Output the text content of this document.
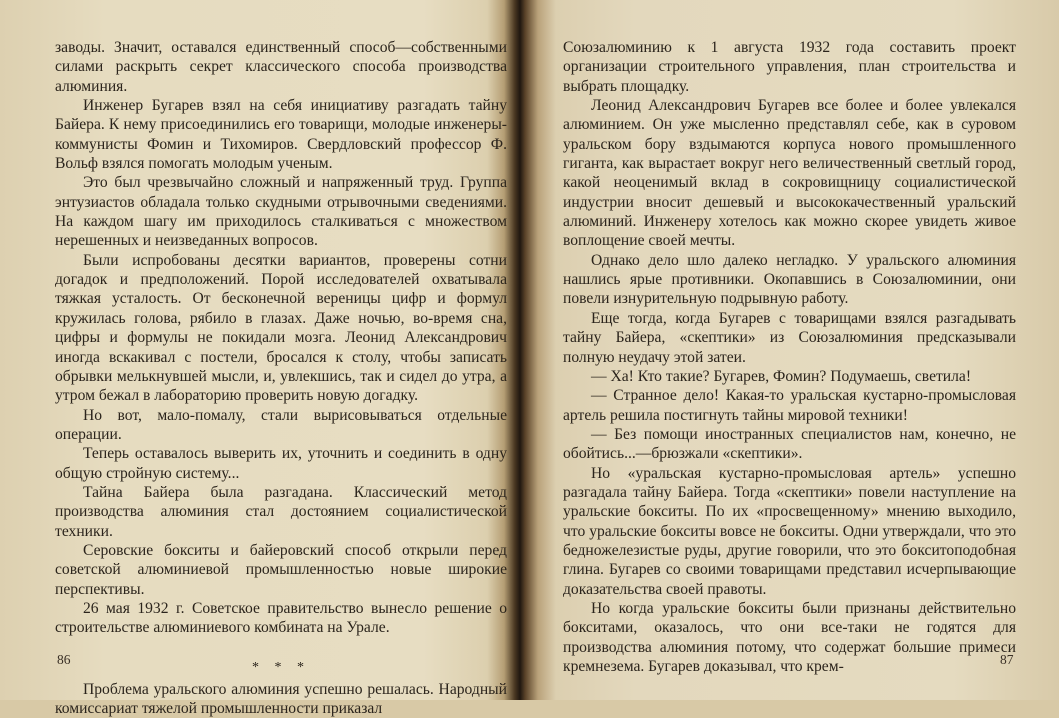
заводы. Значит, оставался единственный способ—собственными силами раскрыть секрет классического способа производства алюминия.

Инженер Бугарев взял на себя инициативу разгадать тайну Байера. К нему присоединились его товарищи, молодые инженеры-коммунисты Фомин и Тихомиров. Свердловский профессор Ф. Вольф взялся помогать молодым ученым.

Это был чрезвычайно сложный и напряженный труд. Группа энтузиастов обладала только скудными отрывочными сведениями. На каждом шагу им приходилось сталкиваться с множеством нерешенных и неизведанных вопросов.

Были испробованы десятки вариантов, проверены сотни догадок и предположений. Порой исследователей охватывала тяжкая усталость. От бесконечной вереницы цифр и формул кружилась голова, рябило в глазах. Даже ночью, во-время сна, цифры и формулы не покидали мозга. Леонид Александрович иногда вскакивал с постели, бросался к столу, чтобы записать обрывки мелькнувшей мысли, и, увлекшись, так и сидел до утра, а утром бежал в лабораторию проверить новую догадку.

Но вот, мало-помалу, стали вырисовываться отдельные операции.

Теперь оставалось выверить их, уточнить и соединить в одну общую стройную систему...

Тайна Байера была разгадана. Классический метод производства алюминия стал достоянием социалистической техники.

Серовские бокситы и байеровский способ открыли перед советской алюминиевой промышленностью новые широкие перспективы.

26 мая 1932 г. Советское правительство вынесло решение о строительстве алюминиевого комбината на Урале.

* * *

Проблема уральского алюминия успешно решалась. Народный комиссариат тяжелой промышленности приказал

86

Союзалюминию к 1 августа 1932 года составить проект организации строительного управления, план строительства и выбрать площадку.

Леонид Александрович Бугарев все более и более увлекался алюминием. Он уже мысленно представлял себе, как в суровом уральском бору вздымаются корпуса нового промышленного гиганта, как вырастает вокруг него величественный светлый город, какой неоценимый вклад в сокровищницу социалистической индустрии вносит дешевый и высококачественный уральский алюминий. Инженеру хотелось как можно скорее увидеть живое воплощение своей мечты.

Однако дело шло далеко негладко. У уральского алюминия нашлись ярые противники. Окопавшись в Союзалюминии, они повели изнурительную подрывную работу.

Еще тогда, когда Бугарев с товарищами взялся разгадывать тайну Байера, «скептики» из Союзалюминия предсказывали полную неудачу этой затеи.

— Ха! Кто такие? Бугарев, Фомин? Подумаешь, светила!

— Странное дело! Какая-то уральская кустарно-промысловая артель решила постигнуть тайны мировой техники!

— Без помощи иностранных специалистов нам, конечно, не обойтись...—брюзжали «скептики».

Но «уральская кустарно-промысловая артель» успешно разгадала тайну Байера. Тогда «скептики» повели наступление на уральские бокситы. По их «просвещенному» мнению выходило, что уральские бокситы вовсе не бокситы. Одни утверждали, что это бедножелезистые руды, другие говорили, что это бокситоподобная глина. Бугарев со своими товарищами представил исчерпывающие доказательства своей правоты.

Но когда уральские бокситы были признаны действительно бокситами, оказалось, что они все-таки не годятся для производства алюминия потому, что содержат большие примеси кремнезема. Бугарев доказывал, что крем-	87
